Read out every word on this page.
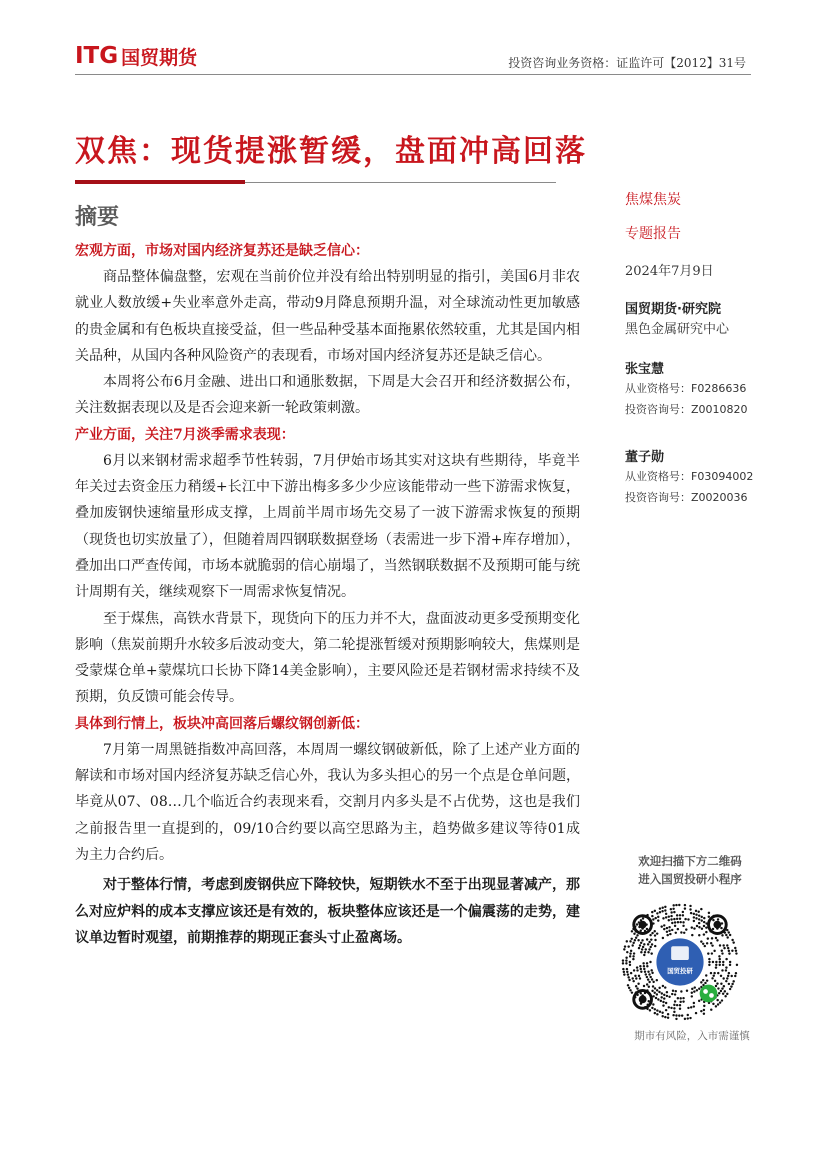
ITG 国贸期货	投资咨询业务资格：证监许可【2012】31号
双焦：现货提涨暂缓，盘面冲高回落
摘要
宏观方面，市场对国内经济复苏还是缺乏信心：

商品整体偏盘整，宏观在当前价位并没有给出特别明显的指引，美国6月非农就业人数放缓+失业率意外走高，带动9月降息预期升温，对全球流动性更加敏感的贵金属和有色板块直接受益，但一些品种受基本面拖累依然较重，尤其是国内相关品种，从国内各种风险资产的表现看，市场对国内经济复苏还是缺乏信心。

本周将公布6月金融、进出口和通胀数据，下周是大会召开和经济数据公布，关注数据表现以及是否会迎来新一轮政策刺激。

产业方面，关注7月淡季需求表现：

6月以来钢材需求超季节性转弱，7月伊始市场其实对这块有些期待，毕竟半年关过去资金压力稍缓+长江中下游出梅多多少少应该能带动一些下游需求恢复，叠加废钢快速缩量形成支撑，上周前半周市场先交易了一波下游需求恢复的预期（现货也切实放量了），但随着周四钢联数据登场（表需进一步下滑+库存增加），叠加出口严查传闻，市场本就脆弱的信心崩塌了，当然钢联数据不及预期可能与统计周期有关，继续观察下一周需求恢复情况。

至于煤焦，高铁水背景下，现货向下的压力并不大，盘面波动更多受预期变化影响（焦炭前期升水较多后波动变大，第二轮提涨暂缓对预期影响较大，焦煤则是受蒙煤仓单+蒙煤坑口长协下降14美金影响），主要风险还是若钢材需求持续不及预期，负反馈可能会传导。

具体到行情上，板块冲高回落后螺纹钢创新低：

7月第一周黑链指数冲高回落，本周周一螺纹钢破新低，除了上述产业方面的解读和市场对国内经济复苏缺乏信心外，我认为多头担心的另一个点是仓单问题，毕竟从07、08…几个临近合约表现来看，交割月内多头是不占优势，这也是我们之前报告里一直提到的，09/10合约要以高空思路为主，趋势做多建议等待01成为主力合约后。

对于整体行情，考虑到废钢供应下降较快，短期铁水不至于出现显著减产，那么对应炉料的成本支撑应该还是有效的，板块整体应该还是一个偏震荡的走势，建议单边暂时观望，前期推荐的期现正套头寸止盈离场。

焦煤焦炭
专题报告
2024年7月9日
国贸期货·研究院
黑色金属研究中心
张宝慧
从业资格号：F0286636
投资咨询号：Z0010820
董子勋
从业资格号：F03094002
投资咨询号：Z0020036
欢迎扫描下方二维码
进入国贸投研小程序
国贸投研
期市有风险，入市需谨慎
